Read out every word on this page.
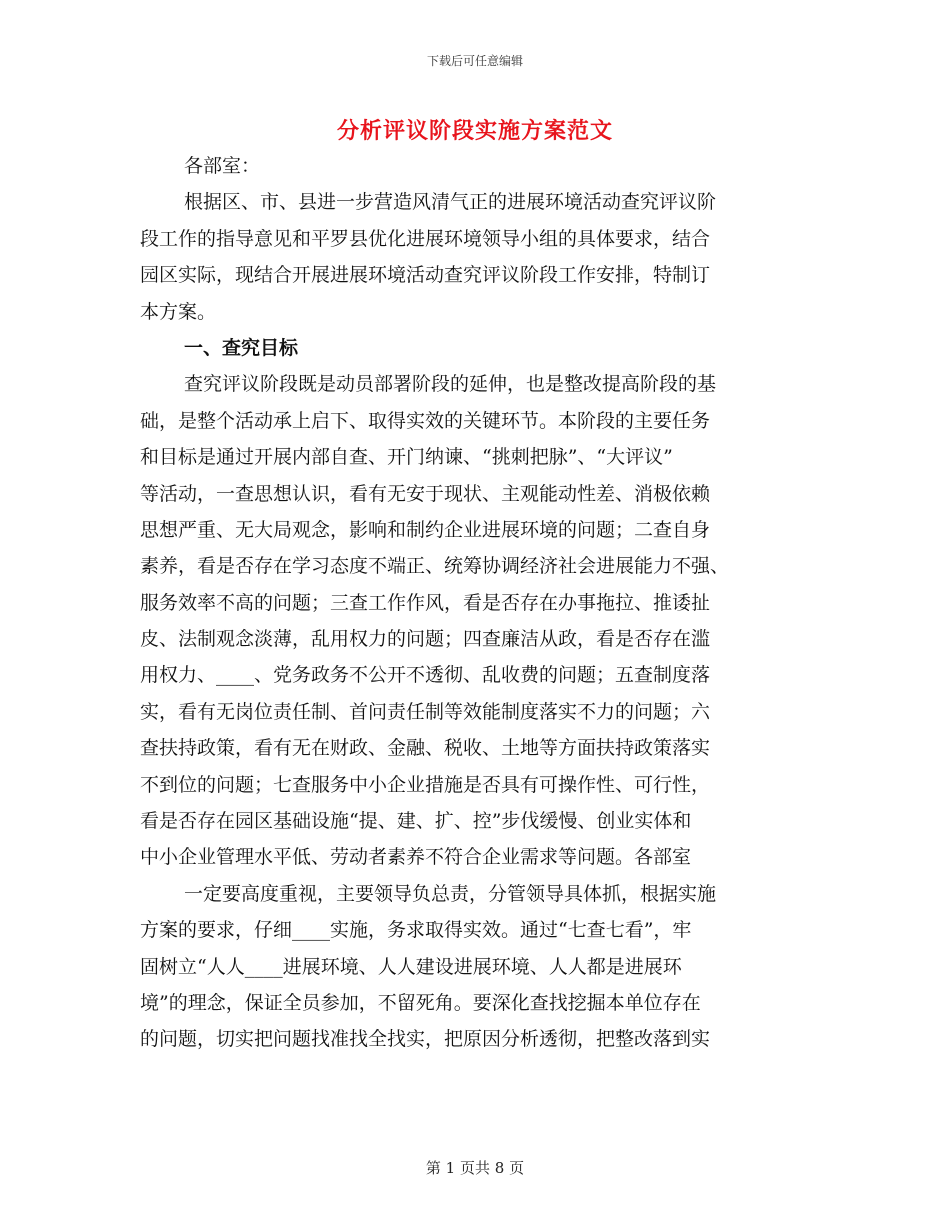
下载后可任意编辑
分析评议阶段实施方案范文
各部室：
根据区、市、县进一步营造风清气正的进展环境活动查究评议阶
段工作的指导意见和平罗县优化进展环境领导小组的具体要求，结合
园区实际，现结合开展进展环境活动查究评议阶段工作安排，特制订
本方案。
一、查究目标
查究评议阶段既是动员部署阶段的延伸，也是整改提高阶段的基
础，是整个活动承上启下、取得实效的关键环节。本阶段的主要任务
和目标是通过开展内部自查、开门纳谏、“挑刺把脉”、“大评议”
等活动，一查思想认识，看有无安于现状、主观能动性差、消极依赖
思想严重、无大局观念，影响和制约企业进展环境的问题；二查自身
素养，看是否存在学习态度不端正、统筹协调经济社会进展能力不强、
服务效率不高的问题；三查工作作风，看是否存在办事拖拉、推诿扯
皮、法制观念淡薄，乱用权力的问题；四查廉洁从政，看是否存在滥
用权力、____、党务政务不公开不透彻、乱收费的问题；五查制度落
实，看有无岗位责任制、首问责任制等效能制度落实不力的问题；六
查扶持政策，看有无在财政、金融、税收、土地等方面扶持政策落实
不到位的问题；七查服务中小企业措施是否具有可操作性、可行性，
看是否存在园区基础设施“提、建、扩、控”步伐缓慢、创业实体和
中小企业管理水平低、劳动者素养不符合企业需求等问题。各部室
一定要高度重视，主要领导负总责，分管领导具体抓，根据实施
方案的要求，仔细____实施，务求取得实效。通过“七查七看”，牢
固树立“人人____进展环境、人人建设进展环境、人人都是进展环
境”的理念，保证全员参加，不留死角。要深化查找挖掘本单位存在
的问题，切实把问题找准找全找实，把原因分析透彻，把整改落到实
第 1 页共 8 页
